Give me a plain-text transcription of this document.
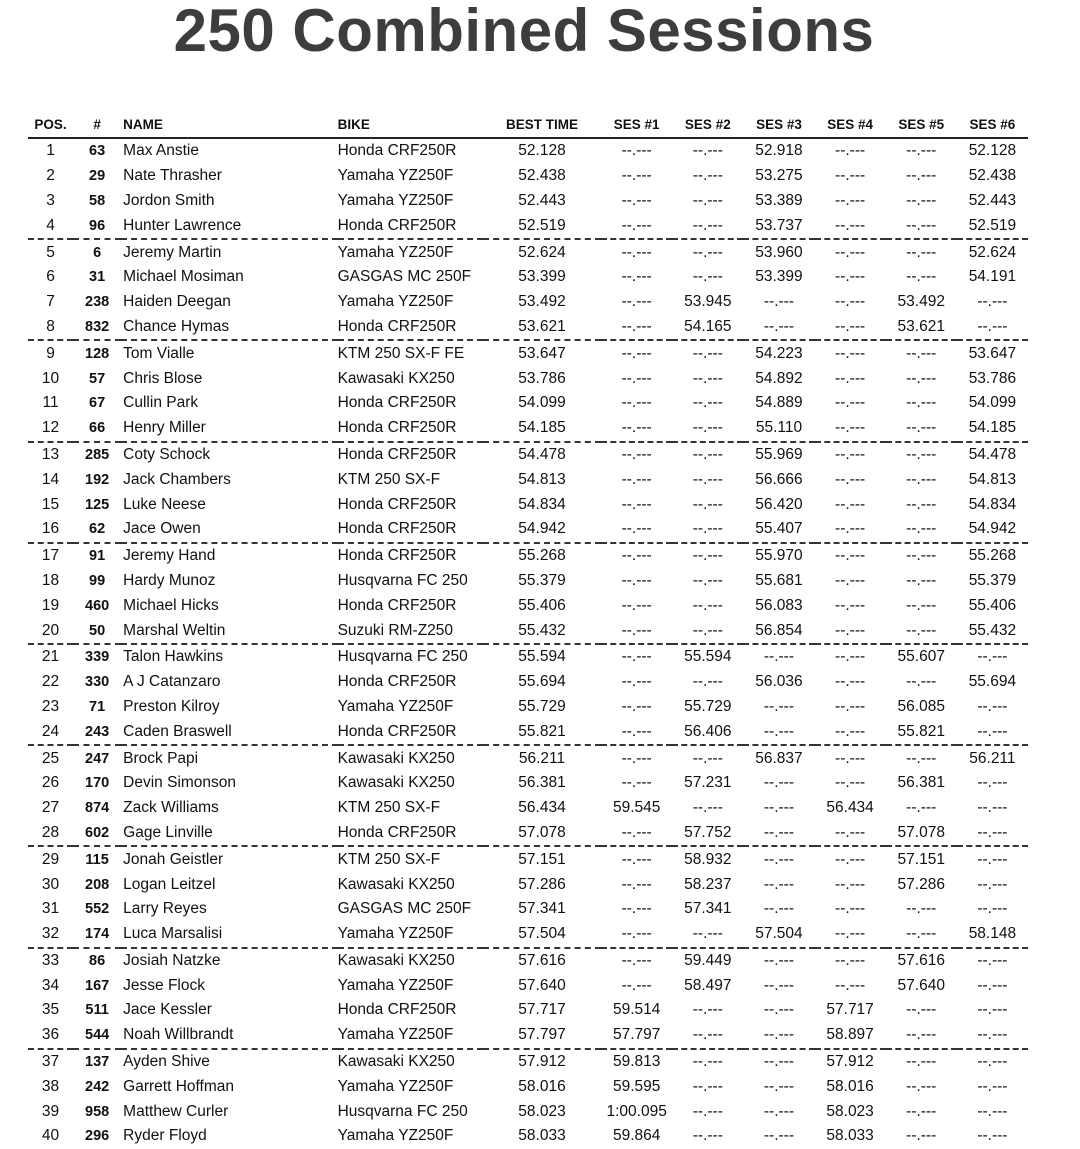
250 Combined Sessions
POS.	#	NAME	BIKE	BEST TIME	SES #1	SES #2	SES #3	SES #4	SES #5	SES #6
1	63	Max Anstie	Honda CRF250R	52.128	--.---	--.---	52.918	--.---	--.---	52.128
2	29	Nate Thrasher	Yamaha YZ250F	52.438	--.---	--.---	53.275	--.---	--.---	52.438
3	58	Jordon Smith	Yamaha YZ250F	52.443	--.---	--.---	53.389	--.---	--.---	52.443
4	96	Hunter Lawrence	Honda CRF250R	52.519	--.---	--.---	53.737	--.---	--.---	52.519
5	6	Jeremy Martin	Yamaha YZ250F	52.624	--.---	--.---	53.960	--.---	--.---	52.624
6	31	Michael Mosiman	GASGAS MC 250F	53.399	--.---	--.---	53.399	--.---	--.---	54.191
7	238	Haiden Deegan	Yamaha YZ250F	53.492	--.---	53.945	--.---	--.---	53.492	--.---
8	832	Chance Hymas	Honda CRF250R	53.621	--.---	54.165	--.---	--.---	53.621	--.---
9	128	Tom Vialle	KTM 250 SX-F FE	53.647	--.---	--.---	54.223	--.---	--.---	53.647
10	57	Chris Blose	Kawasaki KX250	53.786	--.---	--.---	54.892	--.---	--.---	53.786
11	67	Cullin Park	Honda CRF250R	54.099	--.---	--.---	54.889	--.---	--.---	54.099
12	66	Henry Miller	Honda CRF250R	54.185	--.---	--.---	55.110	--.---	--.---	54.185
13	285	Coty Schock	Honda CRF250R	54.478	--.---	--.---	55.969	--.---	--.---	54.478
14	192	Jack Chambers	KTM 250 SX-F	54.813	--.---	--.---	56.666	--.---	--.---	54.813
15	125	Luke Neese	Honda CRF250R	54.834	--.---	--.---	56.420	--.---	--.---	54.834
16	62	Jace Owen	Honda CRF250R	54.942	--.---	--.---	55.407	--.---	--.---	54.942
17	91	Jeremy Hand	Honda CRF250R	55.268	--.---	--.---	55.970	--.---	--.---	55.268
18	99	Hardy Munoz	Husqvarna FC 250	55.379	--.---	--.---	55.681	--.---	--.---	55.379
19	460	Michael Hicks	Honda CRF250R	55.406	--.---	--.---	56.083	--.---	--.---	55.406
20	50	Marshal Weltin	Suzuki RM-Z250	55.432	--.---	--.---	56.854	--.---	--.---	55.432
21	339	Talon Hawkins	Husqvarna FC 250	55.594	--.---	55.594	--.---	--.---	55.607	--.---
22	330	A J Catanzaro	Honda CRF250R	55.694	--.---	--.---	56.036	--.---	--.---	55.694
23	71	Preston Kilroy	Yamaha YZ250F	55.729	--.---	55.729	--.---	--.---	56.085	--.---
24	243	Caden Braswell	Honda CRF250R	55.821	--.---	56.406	--.---	--.---	55.821	--.---
25	247	Brock Papi	Kawasaki KX250	56.211	--.---	--.---	56.837	--.---	--.---	56.211
26	170	Devin Simonson	Kawasaki KX250	56.381	--.---	57.231	--.---	--.---	56.381	--.---
27	874	Zack Williams	KTM 250 SX-F	56.434	59.545	--.---	--.---	56.434	--.---	--.---
28	602	Gage Linville	Honda CRF250R	57.078	--.---	57.752	--.---	--.---	57.078	--.---
29	115	Jonah Geistler	KTM 250 SX-F	57.151	--.---	58.932	--.---	--.---	57.151	--.---
30	208	Logan Leitzel	Kawasaki KX250	57.286	--.---	58.237	--.---	--.---	57.286	--.---
31	552	Larry Reyes	GASGAS MC 250F	57.341	--.---	57.341	--.---	--.---	--.---	--.---
32	174	Luca Marsalisi	Yamaha YZ250F	57.504	--.---	--.---	57.504	--.---	--.---	58.148
33	86	Josiah Natzke	Kawasaki KX250	57.616	--.---	59.449	--.---	--.---	57.616	--.---
34	167	Jesse Flock	Yamaha YZ250F	57.640	--.---	58.497	--.---	--.---	57.640	--.---
35	511	Jace Kessler	Honda CRF250R	57.717	59.514	--.---	--.---	57.717	--.---	--.---
36	544	Noah Willbrandt	Yamaha YZ250F	57.797	57.797	--.---	--.---	58.897	--.---	--.---
37	137	Ayden Shive	Kawasaki KX250	57.912	59.813	--.---	--.---	57.912	--.---	--.---
38	242	Garrett Hoffman	Yamaha YZ250F	58.016	59.595	--.---	--.---	58.016	--.---	--.---
39	958	Matthew Curler	Husqvarna FC 250	58.023	1:00.095	--.---	--.---	58.023	--.---	--.---
40	296	Ryder Floyd	Yamaha YZ250F	58.033	59.864	--.---	--.---	58.033	--.---	--.---
